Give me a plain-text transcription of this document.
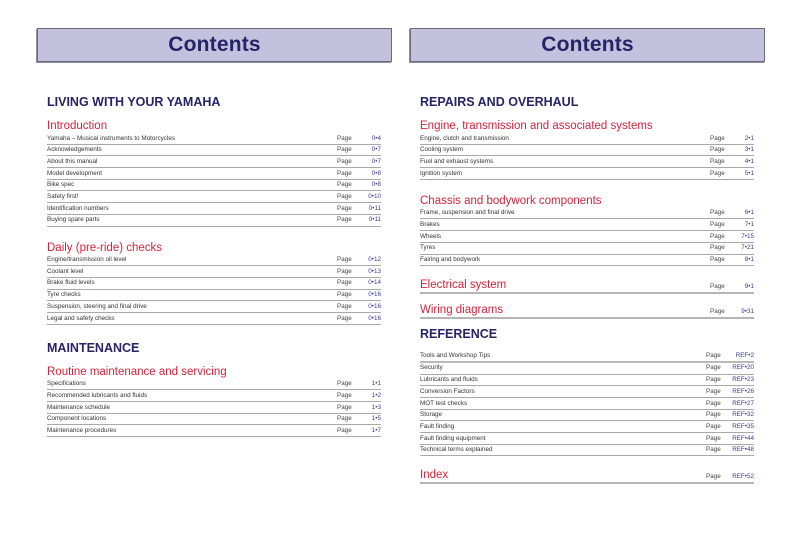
Contents
LIVING WITH YOUR YAMAHA
Introduction
Yamaha – Musical instruments to Motorcycles	Page	0•4
Acknowledgements	Page	0•7
About this manual	Page	0•7
Model development	Page	0•8
Bike spec	Page	0•8
Safety first!	Page	0•10
Identification numbers	Page	0•11
Buying spare parts	Page	0•11
Daily (pre-ride) checks
Engine/transmission oil level	Page	0•12
Coolant level	Page	0•13
Brake fluid levels	Page	0•14
Tyre checks	Page	0•16
Suspension, steering and final drive	Page	0•16
Legal and safety checks	Page	0•16
MAINTENANCE
Routine maintenance and servicing
Specifications	Page	1•1
Recommended lubricants and fluids	Page	1•2
Maintenance schedule	Page	1•3
Component locations	Page	1•5
Maintenance procedures	Page	1•7
Contents
REPAIRS AND OVERHAUL
Engine, transmission and associated systems
Engine, clutch and transmission	Page	2•1
Cooling system	Page	3•1
Fuel and exhaust systems	Page	4•1
Ignition system	Page	5•1
Chassis and bodywork components
Frame, suspension and final drive	Page	6•1
Brakes	Page	7•1
Wheels	Page	7•15
Tyres	Page	7•21
Fairing and bodywork	Page	8•1
Electrical system	Page	9•1
Wiring diagrams	Page	9•31
REFERENCE
Tools and Workshop Tips	Page	REF•2
Security	Page	REF•20
Lubricants and fluids	Page	REF•23
Conversion Factors	Page	REF•26
MOT test checks	Page	REF•27
Storage	Page	REF•32
Fault finding	Page	REF•35
Fault finding equipment	Page	REF•44
Technical terms explained	Page	REF•48
Index	Page	REF•52
